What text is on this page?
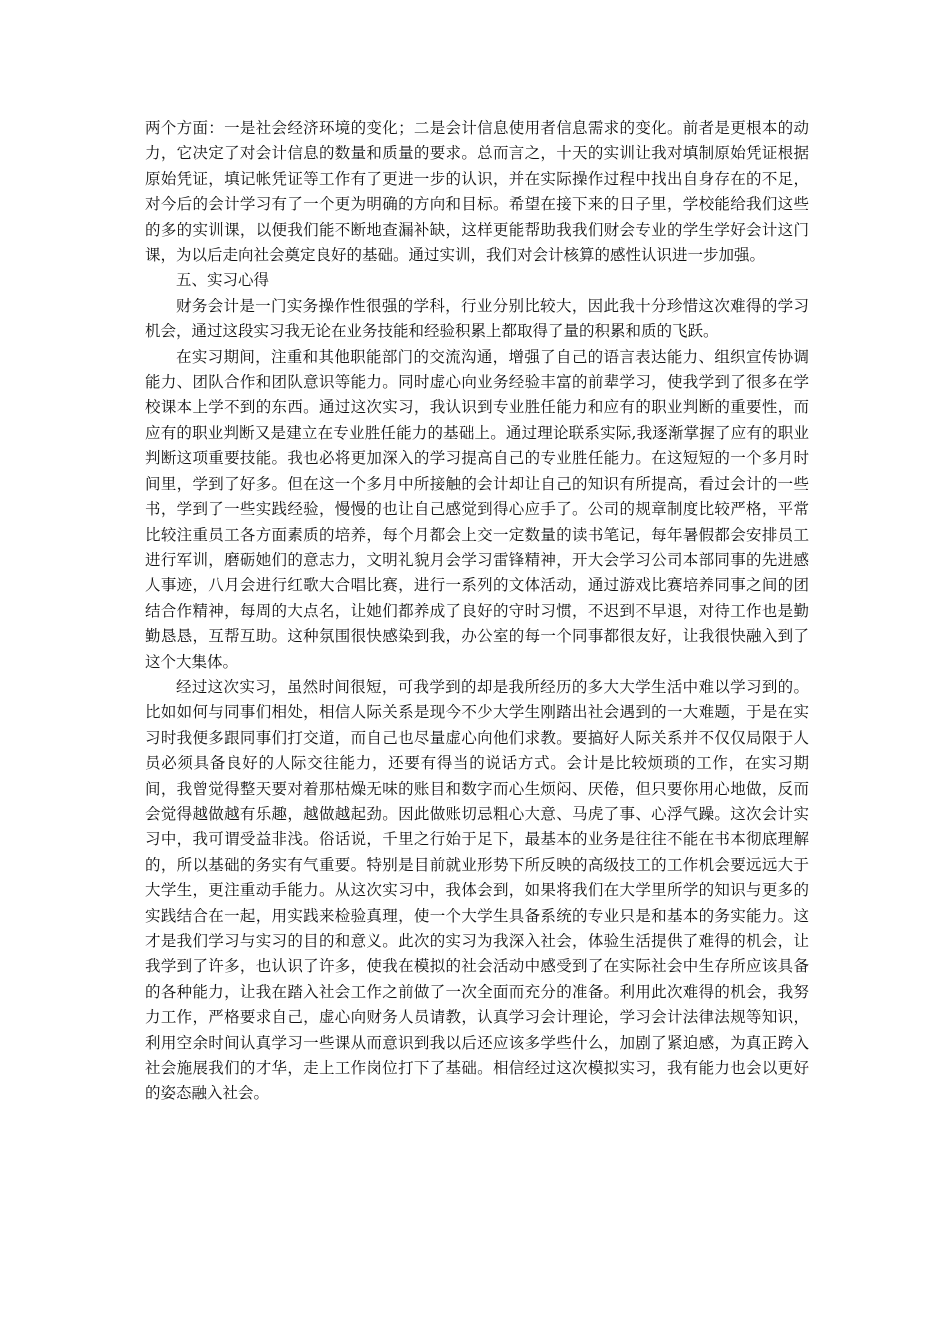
两个方面：一是社会经济环境的变化；二是会计信息使用者信息需求的变化。前者是更根本的动力，它决定了对会计信息的数量和质量的要求。总而言之，十天的实训让我对填制原始凭证根据原始凭证，填记帐凭证等工作有了更进一步的认识，并在实际操作过程中找出自身存在的不足，对今后的会计学习有了一个更为明确的方向和目标。希望在接下来的日子里，学校能给我们这些的多的实训课，以便我们能不断地查漏补缺，这样更能帮助我我们财会专业的学生学好会计这门课，为以后走向社会奠定良好的基础。通过实训，我们对会计核算的感性认识进一步加强。

五、实习心得

财务会计是一门实务操作性很强的学科，行业分别比较大，因此我十分珍惜这次难得的学习机会，通过这段实习我无论在业务技能和经验积累上都取得了量的积累和质的飞跃。

在实习期间，注重和其他职能部门的交流沟通，增强了自己的语言表达能力、组织宣传协调能力、团队合作和团队意识等能力。同时虚心向业务经验丰富的前辈学习，使我学到了很多在学校课本上学不到的东西。通过这次实习，我认识到专业胜任能力和应有的职业判断的重要性，而应有的职业判断又是建立在专业胜任能力的基础上。通过理论联系实际,我逐渐掌握了应有的职业判断这项重要技能。我也必将更加深入的学习提高自己的专业胜任能力。在这短短的一个多月时间里，学到了好多。但在这一个多月中所接触的会计却让自己的知识有所提高，看过会计的一些书，学到了一些实践经验，慢慢的也让自己感觉到得心应手了。公司的规章制度比较严格，平常比较注重员工各方面素质的培养，每个月都会上交一定数量的读书笔记，每年暑假都会安排员工进行军训，磨砺她们的意志力，文明礼貌月会学习雷锋精神，开大会学习公司本部同事的先进感人事迹，八月会进行红歌大合唱比赛，进行一系列的文体活动，通过游戏比赛培养同事之间的团结合作精神，每周的大点名，让她们都养成了良好的守时习惯，不迟到不早退，对待工作也是勤勤恳恳，互帮互助。这种氛围很快感染到我，办公室的每一个同事都很友好，让我很快融入到了这个大集体。

经过这次实习，虽然时间很短，可我学到的却是我所经历的多大大学生活中难以学习到的。比如如何与同事们相处，相信人际关系是现今不少大学生刚踏出社会遇到的一大难题，于是在实习时我便多跟同事们打交道，而自己也尽量虚心向他们求教。要搞好人际关系并不仅仅局限于人员必须具备良好的人际交往能力，还要有得当的说话方式。会计是比较烦琐的工作，在实习期间，我曾觉得整天要对着那枯燥无味的账目和数字而心生烦闷、厌倦，但只要你用心地做，反而会觉得越做越有乐趣，越做越起劲。因此做账切忌粗心大意、马虎了事、心浮气躁。这次会计实习中，我可谓受益非浅。俗话说，千里之行始于足下，最基本的业务是往往不能在书本彻底理解的，所以基础的务实有气重要。特别是目前就业形势下所反映的高级技工的工作机会要远远大于大学生，更注重动手能力。从这次实习中，我体会到，如果将我们在大学里所学的知识与更多的实践结合在一起，用实践来检验真理，使一个大学生具备系统的专业只是和基本的务实能力。这才是我们学习与实习的目的和意义。此次的实习为我深入社会，体验生活提供了难得的机会，让我学到了许多，也认识了许多，使我在模拟的社会活动中感受到了在实际社会中生存所应该具备的各种能力，让我在踏入社会工作之前做了一次全面而充分的准备。利用此次难得的机会，我努力工作，严格要求自己，虚心向财务人员请教，认真学习会计理论，学习会计法律法规等知识，利用空余时间认真学习一些课从而意识到我以后还应该多学些什么，加剧了紧迫感，为真正跨入社会施展我们的才华，走上工作岗位打下了基础。相信经过这次模拟实习，我有能力也会以更好的姿态融入社会。
